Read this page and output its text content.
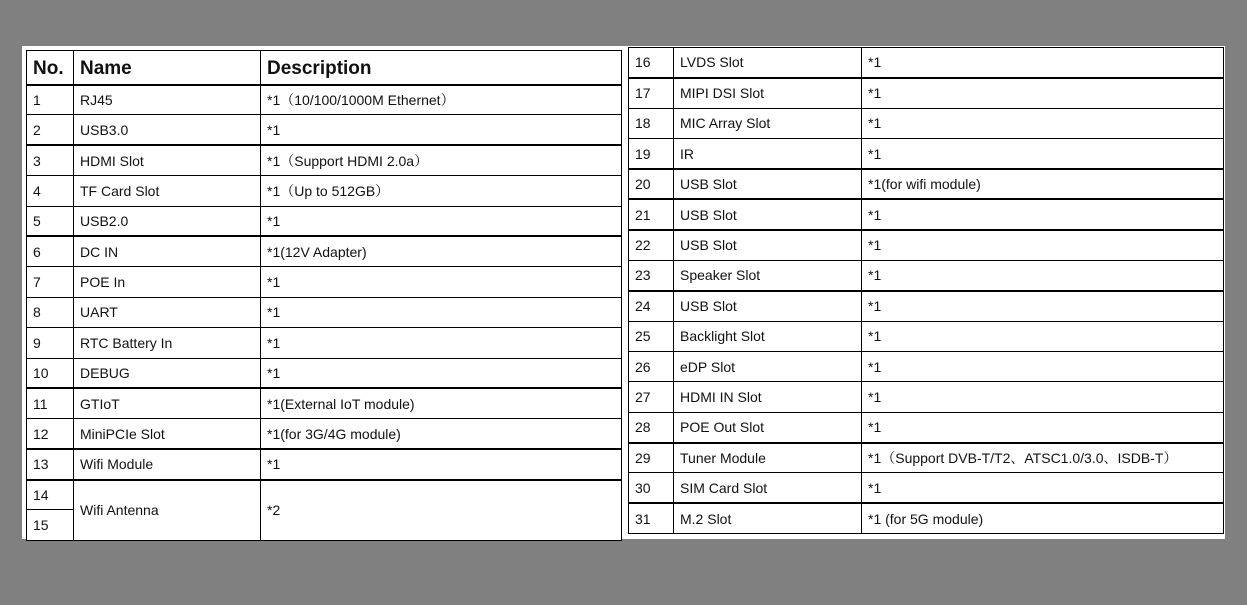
No.	Name	Description
1	RJ45	*1（10/100/1000M Ethernet）
2	USB3.0	*1
3	HDMI Slot	*1（Support HDMI 2.0a）
4	TF Card Slot	*1（Up to 512GB）
5	USB2.0	*1
6	DC IN	*1(12V Adapter)
7	POE In	*1
8	UART	*1
9	RTC Battery In	*1
10	DEBUG	*1
11	GTIoT	*1(External IoT module)
12	MiniPCIe Slot	*1(for 3G/4G module)
13	Wifi Module	*1
14	Wifi Antenna	*2
15		
16	LVDS Slot	*1
17	MIPI DSI Slot	*1
18	MIC Array Slot	*1
19	IR	*1
20	USB Slot	*1(for wifi module)
21	USB Slot	*1
22	USB Slot	*1
23	Speaker Slot	*1
24	USB Slot	*1
25	Backlight Slot	*1
26	eDP Slot	*1
27	HDMI IN Slot	*1
28	POE Out Slot	*1
29	Tuner Module	*1（Support DVB-T/T2、ATSC1.0/3.0、ISDB-T）
30	SIM Card Slot	*1
31	M.2 Slot	*1 (for 5G module)
